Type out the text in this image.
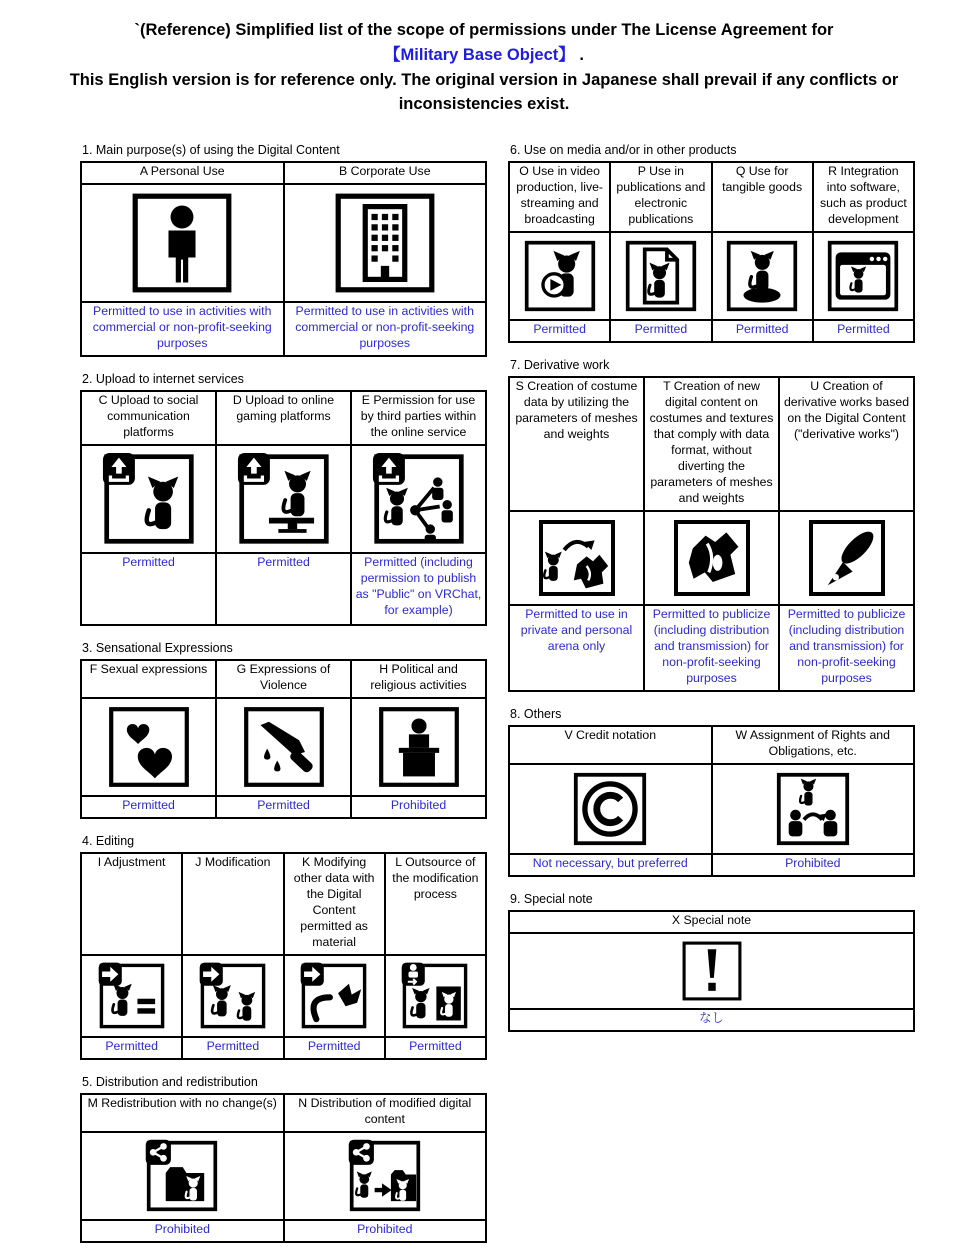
`(Reference) Simplified list of the scope of permissions under The License Agreement for
【Military Base Object】 .
This English version is for reference only. The original version in Japanese shall prevail if any conflicts or inconsistencies exist.
1. Main purpose(s) of using the Digital Content
A Personal Use	B Corporate Use

Permitted to use in activities with commercial or non-profit-seeking purposes	Permitted to use in activities with commercial or non-profit-seeking purposes
2. Upload to internet services
C Upload to social communication platforms	D Upload to online gaming platforms	E Permission for use by third parties within the online service

Permitted	Permitted	Permitted (including permission to publish as "Public" on VRChat, for example)
3. Sensational Expressions
F Sexual expressions	G Expressions of Violence	H Political and religious activities

Permitted	Permitted	Prohibited
4. Editing
I Adjustment	J Modification	K Modifying other data with the Digital Content permitted as material	L Outsource of the modification process

Permitted	Permitted	Permitted	Permitted
5. Distribution and redistribution
M Redistribution with no change(s)	N Distribution of modified digital content

Prohibited	Prohibited
6. Use on media and/or in other products
O Use in video production, live-streaming and broadcasting	P Use in publications and electronic publications	Q Use for tangible goods	R Integration into software, such as product development

Permitted	Permitted	Permitted	Permitted
7. Derivative work
S Creation of costume data by utilizing the parameters of meshes and weights	T Creation of new digital content on costumes and textures that comply with data format, without diverting the parameters of meshes and weights	U Creation of derivative works based on the Digital Content ("derivative works")

Permitted to use in private and personal arena only	Permitted to publicize (including distribution and transmission) for non-profit-seeking purposes	Permitted to publicize (including distribution and transmission) for non-profit-seeking purposes
8. Others
V Credit notation	W Assignment of Rights and Obligations, etc.

Not necessary, but preferred	Prohibited
9. Special note
X Special note

なし
